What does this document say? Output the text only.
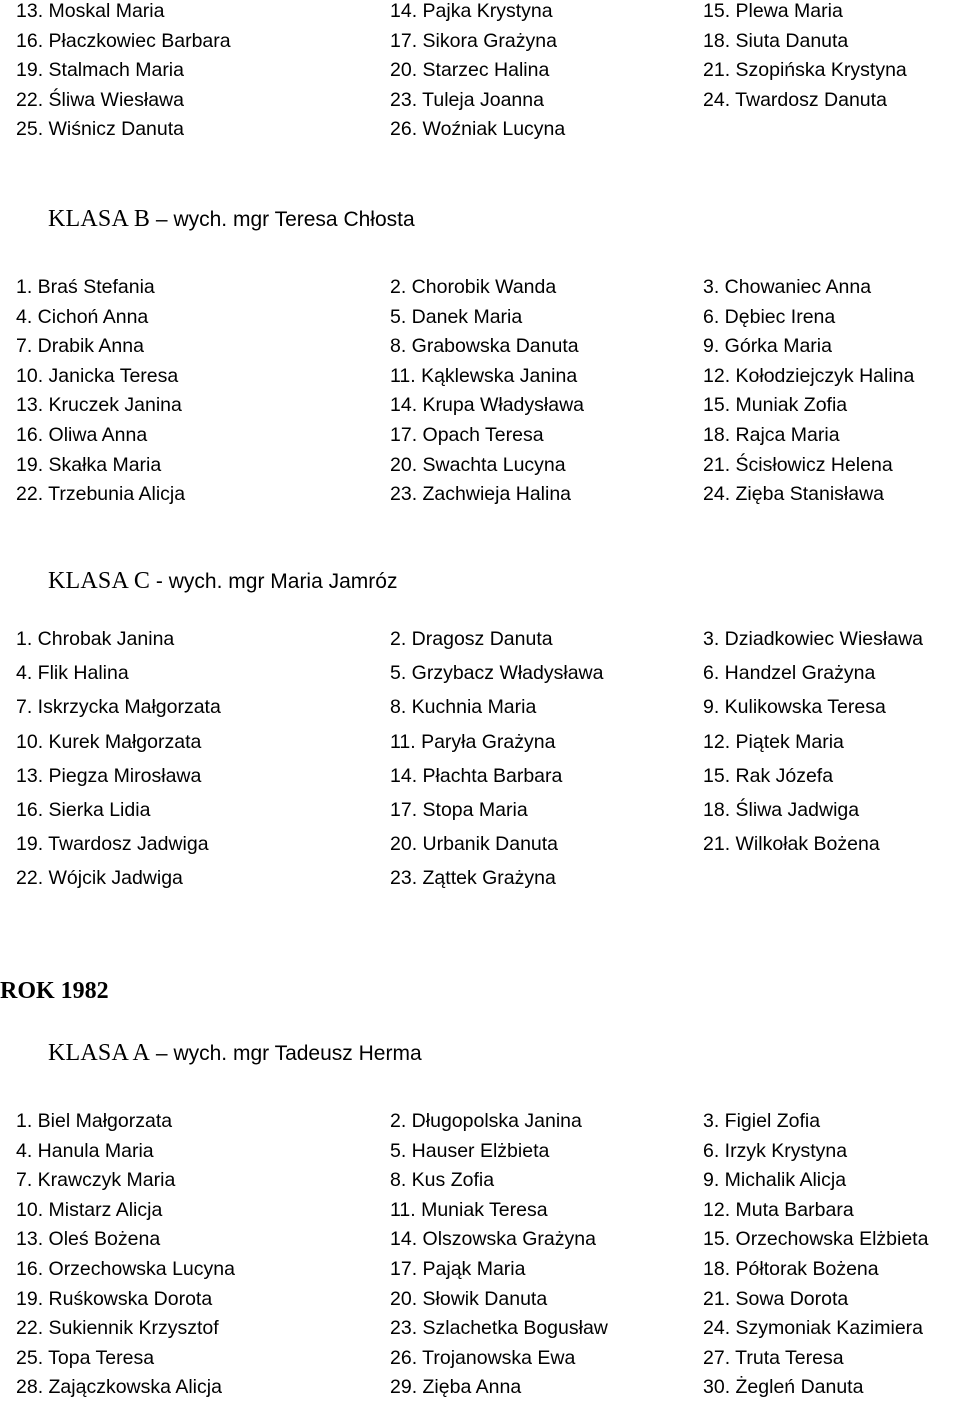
13. Moskal Maria	14. Pajka Krystyna	15. Plewa Maria
16. Płaczkowiec Barbara	17. Sikora Grażyna	18. Siuta Danuta
19. Stalmach Maria	20. Starzec Halina	21. Szopińska Krystyna
22. Śliwa Wiesława	23. Tuleja Joanna	24. Twardosz Danuta
25. Wiśnicz Danuta	26. Woźniak Lucyna
KLASA B – wych. mgr Teresa Chłosta
1. Braś Stefania	2. Chorobik Wanda	3. Chowaniec Anna
4. Cichoń Anna	5. Danek Maria	6. Dębiec Irena
7. Drabik Anna	8. Grabowska Danuta	9. Górka Maria
10. Janicka Teresa	11. Kąklewska Janina	12. Kołodziejczyk Halina
13. Kruczek Janina	14. Krupa Władysława	15. Muniak Zofia
16. Oliwa Anna	17. Opach Teresa	18. Rajca Maria
19. Skałka Maria	20. Swachta Lucyna	21. Ścisłowicz Helena
22. Trzebunia Alicja	23. Zachwieja Halina	24. Zięba Stanisława
KLASA C - wych. mgr Maria Jamróz
1. Chrobak Janina	2. Dragosz Danuta	3. Dziadkowiec Wiesława
4. Flik Halina	5. Grzybacz Władysława	6. Handzel Grażyna
7. Iskrzycka Małgorzata	8. Kuchnia Maria	9. Kulikowska Teresa
10. Kurek Małgorzata	11. Paryła Grażyna	12. Piątek Maria
13. Piegza Mirosława	14. Płachta Barbara	15. Rak Józefa
16. Sierka Lidia	17. Stopa Maria	18. Śliwa Jadwiga
19. Twardosz Jadwiga	20. Urbanik Danuta	21. Wilkołak Bożena
22. Wójcik Jadwiga	23. Ząttek Grażyna
ROK 1982
KLASA A – wych. mgr Tadeusz Herma
1. Biel Małgorzata	2. Długopolska Janina	3. Figiel Zofia
4. Hanula Maria	5. Hauser Elżbieta	6. Irzyk Krystyna
7. Krawczyk Maria	8. Kus Zofia	9. Michalik Alicja
10. Mistarz Alicja	11. Muniak Teresa	12. Muta Barbara
13. Oleś Bożena	14. Olszowska Grażyna	15. Orzechowska Elżbieta
16. Orzechowska Lucyna	17. Pająk Maria	18. Półtorak Bożena
19. Ruśkowska Dorota	20. Słowik Danuta	21. Sowa Dorota
22. Sukiennik Krzysztof	23. Szlachetka Bogusław	24. Szymoniak Kazimiera
25. Topa Teresa	26. Trojanowska Ewa	27. Truta Teresa
28. Zajączkowska Alicja	29. Zięba Anna	30. Żegleń Danuta
